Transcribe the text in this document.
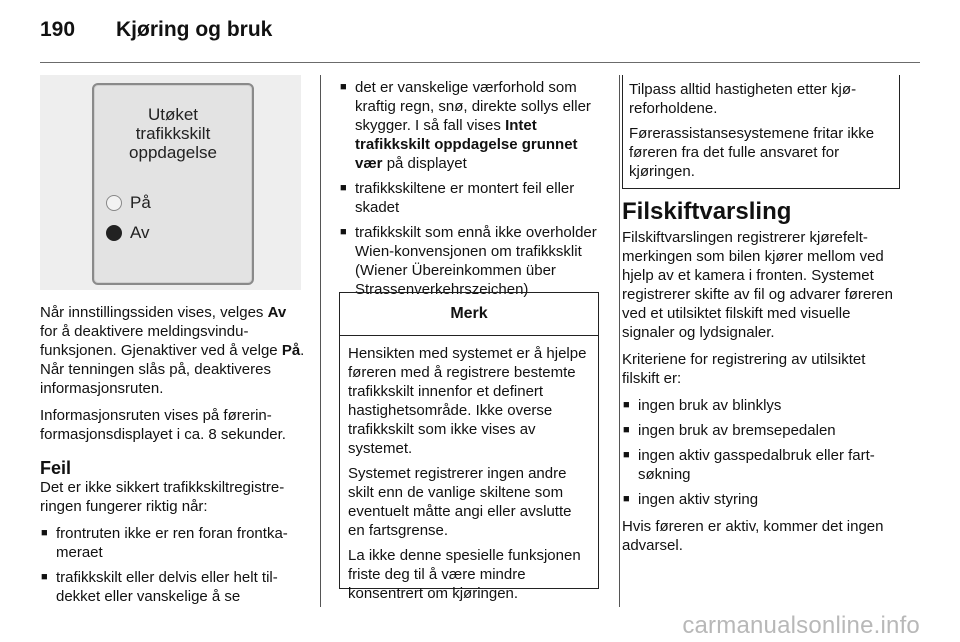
190	Kjøring og bruk
Utøket
trafikkskilt
oppdagelse
På
Av

Når innstillingssiden vises, velges Av for å deaktivere meldingsvindufunksjonen. Gjenaktiver ved å velge På. Når tenningen slås på, deaktiveres informasjonsruten.

Informasjonsruten vises på førerinformasjonsdisplayet i ca. 8 sekunder.

Feil

Det er ikke sikkert trafikkskiltregistreringen fungerer riktig når:

■ frontruten ikke er ren foran frontkameraet
■ trafikkskilt eller delvis eller helt tildekket eller vanskelige å se
■ det er vanskelige værforhold som kraftig regn, snø, direkte sollys eller skygger. I så fall vises Intet trafikkskilt oppdagelse grunnet vær på displayet
■ trafikkskiltene er montert feil eller skadet
■ trafikkskilt som ennå ikke overholder Wien-konvensjonen om trafikksklit (Wiener Übereinkommen über Strassenverkehrszeichen)
Merk

Hensikten med systemet er å hjelpe føreren med å registrere bestemte trafikkskilt innenfor et definert hastighetsområde. Ikke overse trafikkskilt som ikke vises av systemet.

Systemet registrerer ingen andre skilt enn de vanlige skiltene som eventuelt måtte angi eller avslutte en fartsgrense.

La ikke denne spesielle funksjonen friste deg til å være mindre konsentrert om kjøringen.

Tilpass alltid hastigheten etter kjøreforholdene.

Førerassistansesystemene fritar ikke føreren fra det fulle ansvaret for kjøringen.

Filskiftvarsling

Filskiftvarslingen registrerer kjørefeltmerkingen som bilen kjører mellom ved hjelp av et kamera i fronten. Systemet registrerer skifte av fil og advarer føreren ved et utilsiktet filskift med visuelle signaler og lydsignaler.

Kriteriene for registrering av utilsiktet filskift er:

■ ingen bruk av blinklys
■ ingen bruk av bremsepedalen
■ ingen aktiv gasspedalbruk eller fartsøkning
■ ingen aktiv styring

Hvis føreren er aktiv, kommer det ingen advarsel.

carmanualsonline.info
